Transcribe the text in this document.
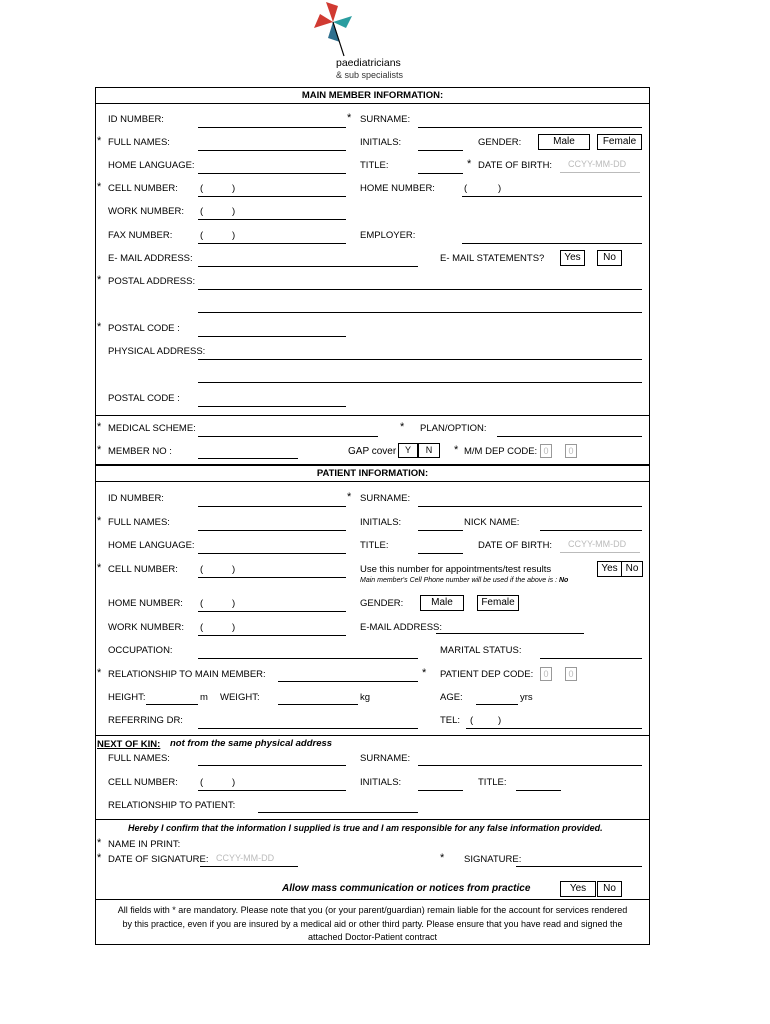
paediatricians
& sub specialists
MAIN MEMBER INFORMATION:
ID NUMBER:	* SURNAME:
* FULL NAMES:	INITIALS:	GENDER:	Male	Female
HOME LANGUAGE:	TITLE:	* DATE OF BIRTH: CCYY-MM-DD
* CELL NUMBER: (	)	HOME NUMBER:	(	)
WORK NUMBER: (	)
FAX NUMBER:	(	)	EMPLOYER:
E- MAIL ADDRESS:	E- MAIL STATEMENTS?	Yes	No
* POSTAL ADDRESS:
* POSTAL CODE :
PHYSICAL ADDRESS:
POSTAL CODE :
* MEDICAL SCHEME:	* PLAN/OPTION:
* MEMBER NO :	GAP cover Y	N	* M/M DEP CODE: 0	0
PATIENT INFORMATION:
ID NUMBER:	* SURNAME:
* FULL NAMES:	INITIALS:	NICK NAME:
HOME LANGUAGE:	TITLE:	DATE OF BIRTH: CCYY-MM-DD
* CELL NUMBER: (	)	Use this number for appointments/test results	Yes No
Main member's Cell Phone number will be used if the above is : No
HOME NUMBER: (	)	GENDER:	Male	Female
WORK NUMBER: (	)	E-MAIL ADDRESS:
OCCUPATION:	MARITAL STATUS:
* RELATIONSHIP TO MAIN MEMBER:	* PATIENT DEP CODE:	0	0
HEIGHT:	m WEIGHT:	kg	AGE:	yrs
REFERRING DR:	TEL: (	)
NEXT OF KIN: not from the same physical address
FULL NAMES:	SURNAME:
CELL NUMBER: (	)	INITIALS:	TITLE:
RELATIONSHIP TO PATIENT:
Hereby I confirm that the information I supplied is true and I am responsible for any false information provided.
* NAME IN PRINT:
* DATE OF SIGNATURE: CCYY-MM-DD	* SIGNATURE:
Allow mass communication or notices from practice	Yes	No
All fields with * are mandatory. Please note that you (or your parent/guardian) remain liable for the account for services rendered
by this practice, even if you are insured by a medical aid or other third party. Please ensure that you have read and signed the
attached Doctor-Patient contract
